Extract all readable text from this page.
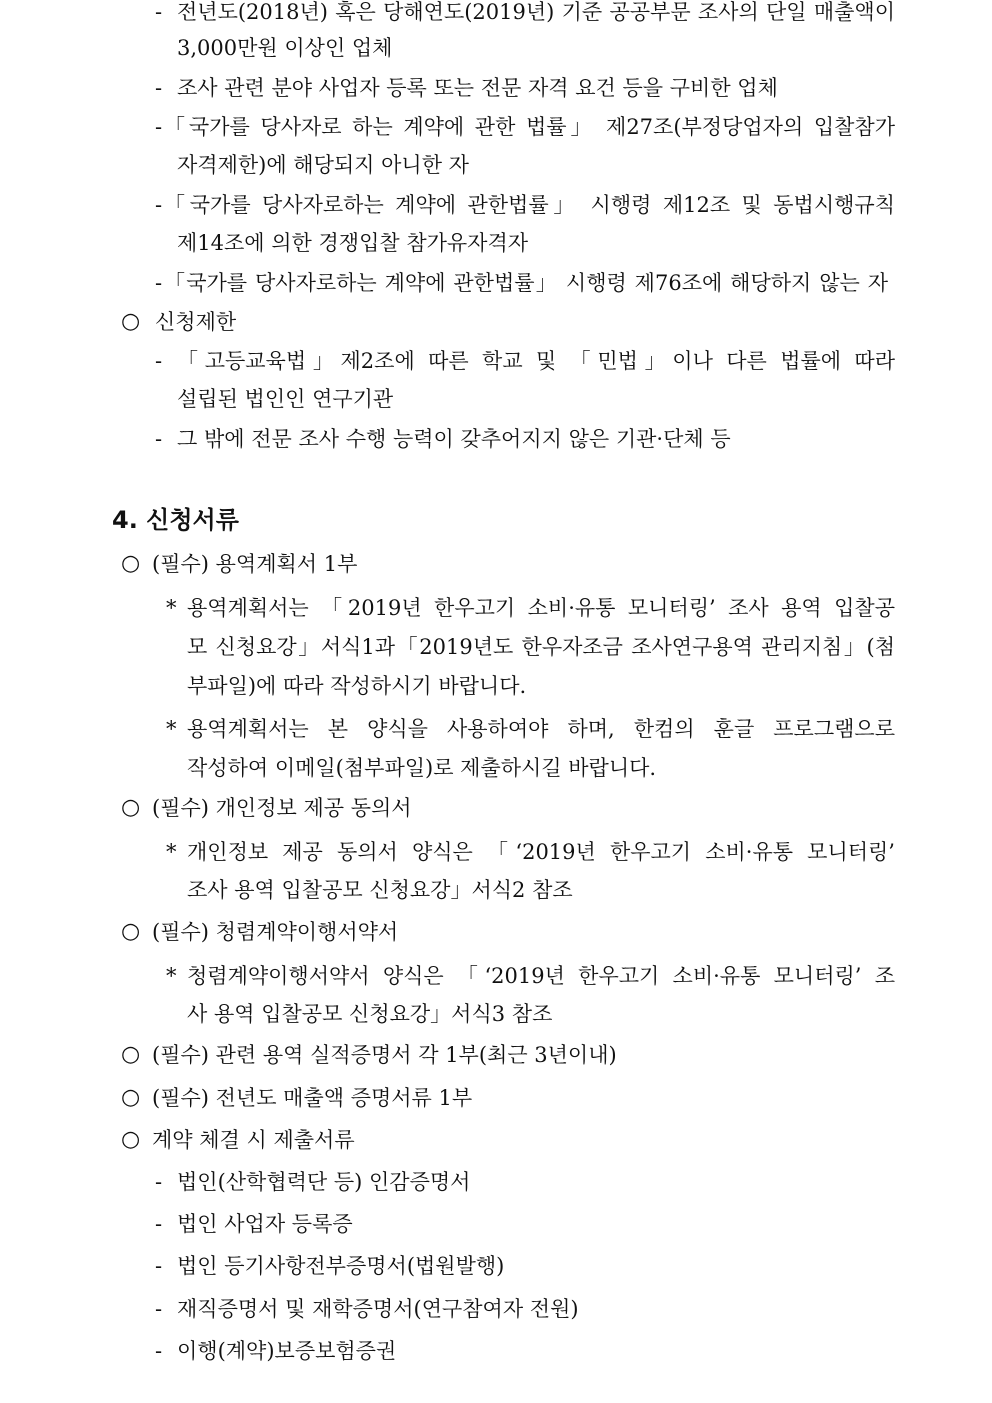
- 전년도(2018년) 혹은 당해연도(2019년) 기준 공공부문 조사의 단일 매출액이
3,000만원 이상인 업체
- 조사 관련 분야 사업자 등록 또는 전문 자격 요건 등을 구비한 업체
- 「국가를 당사자로 하는 계약에 관한 법률」 제27조(부정당업자의 입찰참가
자격제한)에 해당되지 아니한 자
- 「국가를 당사자로하는 계약에 관한법률」 시행령 제12조 및 동법시행규칙
제14조에 의한 경쟁입찰 참가유자격자
- 「국가를 당사자로하는 계약에 관한법률」 시행령 제76조에 해당하지 않는 자
○ 신청제한
- 「고등교육법」제2조에 따른 학교 및 「민법」이나 다른 법률에 따라
설립된 법인인 연구기관
- 그 밖에 전문 조사 수행 능력이 갖추어지지 않은 기관·단체 등
4. 신청서류
○ (필수) 용역계획서 1부
* 용역계획서는 「2019년 한우고기 소비·유통 모니터링’ 조사 용역 입찰공
모 신청요강」서식1과「2019년도 한우자조금 조사연구용역 관리지침」(첨
부파일)에 따라 작성하시기 바랍니다.
* 용역계획서는 본 양식을 사용하여야 하며, 한컴의 훈글 프로그램으로
작성하여 이메일(첨부파일)로 제출하시길 바랍니다.
○ (필수) 개인정보 제공 동의서
* 개인정보 제공 동의서 양식은 「‘2019년 한우고기 소비·유통 모니터링’
조사 용역 입찰공모 신청요강」서식2 참조
○ (필수) 청렴계약이행서약서
* 청렴계약이행서약서 양식은 「‘2019년 한우고기 소비·유통 모니터링’ 조
사 용역 입찰공모 신청요강」서식3 참조
○ (필수) 관련 용역 실적증명서 각 1부(최근 3년이내)
○ (필수) 전년도 매출액 증명서류 1부
○ 계약 체결 시 제출서류
- 법인(산학협력단 등) 인감증명서
- 법인 사업자 등록증
- 법인 등기사항전부증명서(법원발행)
- 재직증명서 및 재학증명서(연구참여자 전원)
- 이행(계약)보증보험증권
